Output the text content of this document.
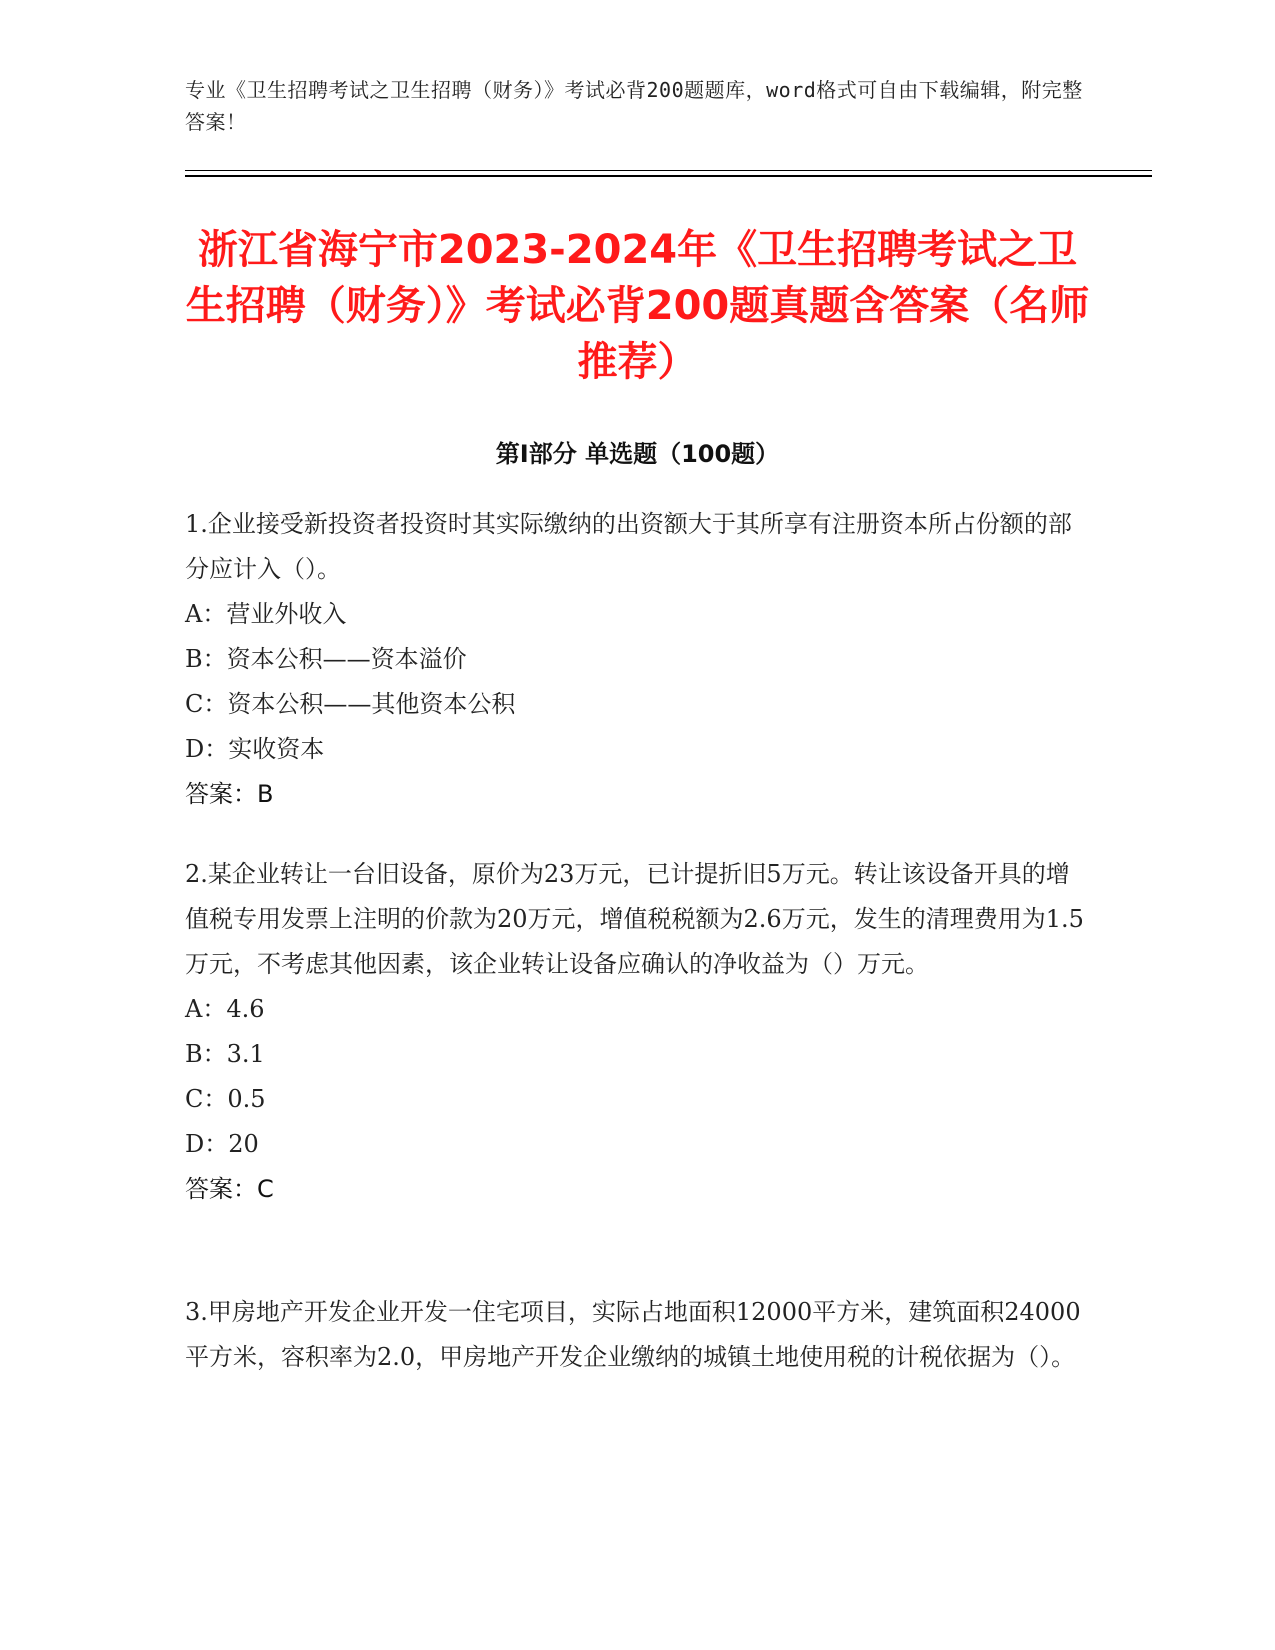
专业《卫生招聘考试之卫生招聘（财务）》考试必背200题题库，word格式可自由下载编辑，附完整答案！
浙江省海宁市2023-2024年《卫生招聘考试之卫生招聘（财务）》考试必背200题真题含答案（名师推荐）
第Ⅰ部分 单选题（100题）

1.企业接受新投资者投资时其实际缴纳的出资额大于其所享有注册资本所占份额的部分应计入（）。

A：营业外收入

B：资本公积——资本溢价

C：资本公积——其他资本公积

D：实收资本

答案：B

2.某企业转让一台旧设备，原价为23万元，已计提折旧5万元。转让该设备开具的增值税专用发票上注明的价款为20万元，增值税税额为2.6万元，发生的清理费用为1.5万元，不考虑其他因素，该企业转让设备应确认的净收益为（）万元。

A：4.6

B：3.1

C：0.5

D：20

答案：C

3.甲房地产开发企业开发一住宅项目，实际占地面积12000平方米，建筑面积24000平方米，容积率为2.0，甲房地产开发企业缴纳的城镇土地使用税的计税依据为（）。
